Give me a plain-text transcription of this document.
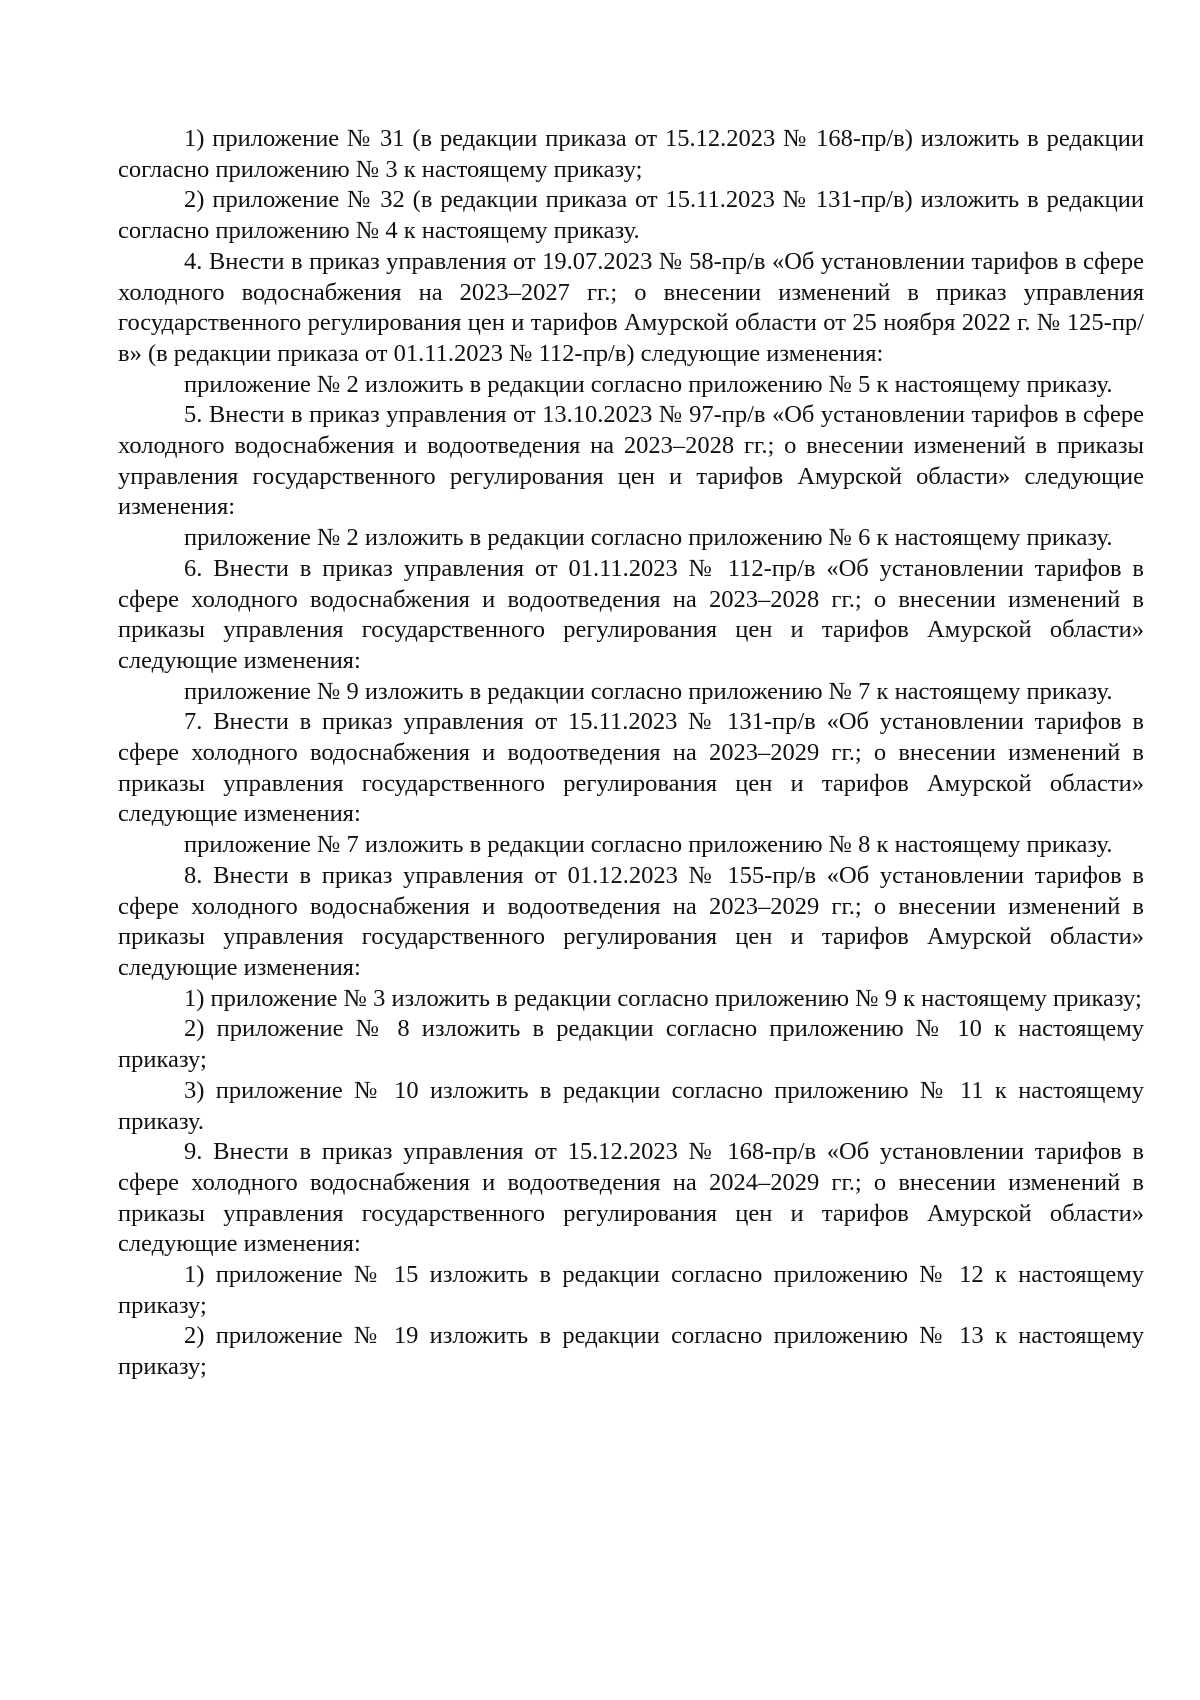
1) приложение № 31 (в редакции приказа от 15.12.2023 № 168-пр/в) изложить в редакции согласно приложению № 3 к настоящему приказу;

2) приложение № 32 (в редакции приказа от 15.11.2023 № 131-пр/в) изложить в редакции согласно приложению № 4 к настоящему приказу.

4. Внести в приказ управления от 19.07.2023 № 58-пр/в «Об установлении тарифов в сфере холодного водоснабжения на 2023–2027 гг.; о внесении изменений в приказ управления государственного регулирования цен и тарифов Амурской области от 25 ноября 2022 г. № 125-пр/в» (в редакции приказа от 01.11.2023 № 112-пр/в) следующие изменения:

приложение № 2 изложить в редакции согласно приложению № 5 к настоящему приказу.

5. Внести в приказ управления от 13.10.2023 № 97-пр/в «Об установлении тарифов в сфере холодного водоснабжения и водоотведения на 2023–2028 гг.; о внесении изменений в приказы управления государственного регулирования цен и тарифов Амурской области» следующие изменения:

приложение № 2 изложить в редакции согласно приложению № 6 к настоящему приказу.

6. Внести в приказ управления от 01.11.2023 № 112-пр/в «Об установлении тарифов в сфере холодного водоснабжения и водоотведения на 2023–2028 гг.; о внесении изменений в приказы управления государственного регулирования цен и тарифов Амурской области» следующие изменения:

приложение № 9 изложить в редакции согласно приложению № 7 к настоящему приказу.

7. Внести в приказ управления от 15.11.2023 № 131-пр/в «Об установлении тарифов в сфере холодного водоснабжения и водоотведения на 2023–2029 гг.; о внесении изменений в приказы управления государственного регулирования цен и тарифов Амурской области» следующие изменения:

приложение № 7 изложить в редакции согласно приложению № 8 к настоящему приказу.

8. Внести в приказ управления от 01.12.2023 № 155-пр/в «Об установлении тарифов в сфере холодного водоснабжения и водоотведения на 2023–2029 гг.; о внесении изменений в приказы управления государственного регулирования цен и тарифов Амурской области» следующие изменения:

1) приложение № 3 изложить в редакции согласно приложению № 9 к настоящему приказу;

2) приложение № 8 изложить в редакции согласно приложению № 10 к настоящему приказу;

3) приложение № 10 изложить в редакции согласно приложению № 11 к настоящему приказу.

9. Внести в приказ управления от 15.12.2023 № 168-пр/в «Об установлении тарифов в сфере холодного водоснабжения и водоотведения на 2024–2029 гг.; о внесении изменений в приказы управления государственного регулирования цен и тарифов Амурской области» следующие изменения:

1) приложение № 15 изложить в редакции согласно приложению № 12 к настоящему приказу;

2) приложение № 19 изложить в редакции согласно приложению № 13 к настоящему приказу;
